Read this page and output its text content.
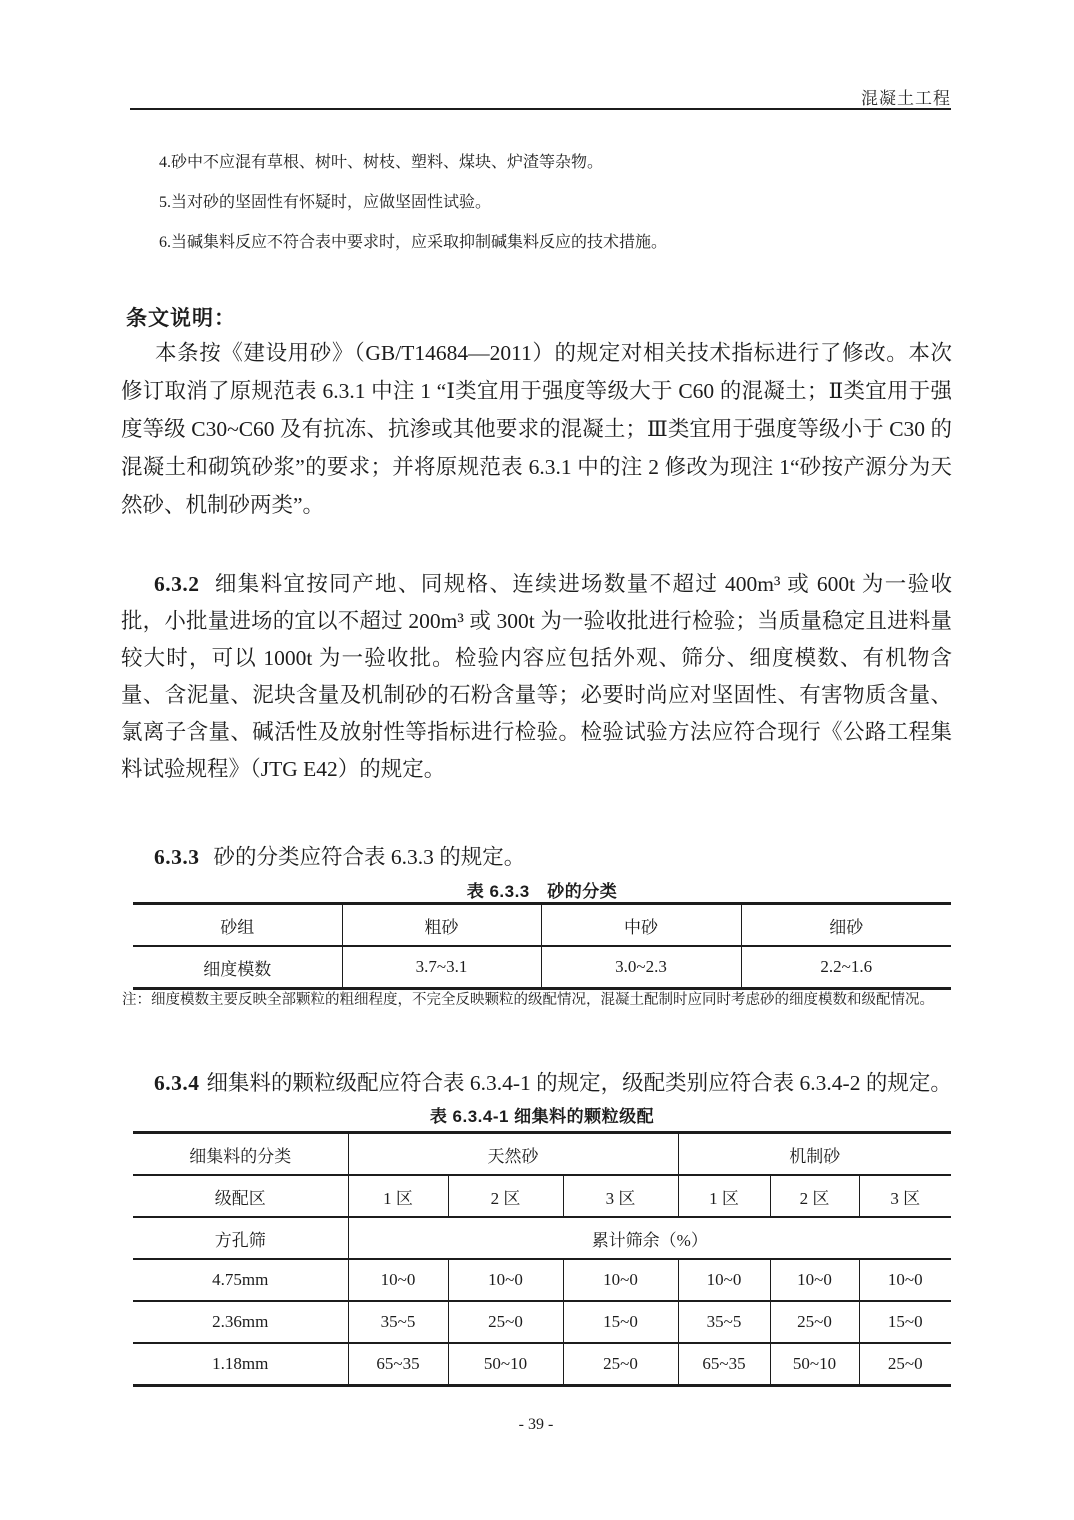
混凝土工程

4.砂中不应混有草根、树叶、树枝、塑料、煤块、炉渣等杂物。

5.当对砂的坚固性有怀疑时，应做坚固性试验。

6.当碱集料反应不符合表中要求时，应采取抑制碱集料反应的技术措施。

条文说明：

本条按《建设用砂》（GB/T14684—2011）的规定对相关技术指标进行了修改。本次修订取消了原规范表 6.3.1 中注 1 “Ⅰ类宜用于强度等级大于 C60 的混凝土；Ⅱ类宜用于强度等级 C30~C60 及有抗冻、抗渗或其他要求的混凝土；Ⅲ类宜用于强度等级小于 C30 的混凝土和砌筑砂浆”的要求；并将原规范表 6.3.1 中的注 2 修改为现注 1“砂按产源分为天然砂、机制砂两类”。

6.3.2 细集料宜按同产地、同规格、连续进场数量不超过 400m³ 或 600t 为一验收批，小批量进场的宜以不超过 200m³ 或 300t 为一验收批进行检验；当质量稳定且进料量较大时，可以 1000t 为一验收批。检验内容应包括外观、筛分、细度模数、有机物含量、含泥量、泥块含量及机制砂的石粉含量等；必要时尚应对坚固性、有害物质含量、氯离子含量、碱活性及放射性等指标进行检验。检验试验方法应符合现行《公路工程集料试验规程》（JTG E42）的规定。

6.3.3 砂的分类应符合表 6.3.3 的规定。

表 6.3.3　砂的分类
砂组	粗砂	中砂	细砂
细度模数	3.7~3.1	3.0~2.3	2.2~1.6

注：细度模数主要反映全部颗粒的粗细程度，不完全反映颗粒的级配情况，混凝土配制时应同时考虑砂的细度模数和级配情况。

6.3.4 细集料的颗粒级配应符合表 6.3.4-1 的规定，级配类别应符合表 6.3.4-2 的规定。

表 6.3.4-1 细集料的颗粒级配
细集料的分类	天然砂			机制砂		
级配区	1 区	2 区	3 区	1 区	2 区	3 区
方孔筛	累计筛余（%）					
4.75mm	10~0	10~0	10~0	10~0	10~0	10~0
2.36mm	35~5	25~0	15~0	35~5	25~0	15~0
1.18mm	65~35	50~10	25~0	65~35	50~10	25~0
- 39 -
